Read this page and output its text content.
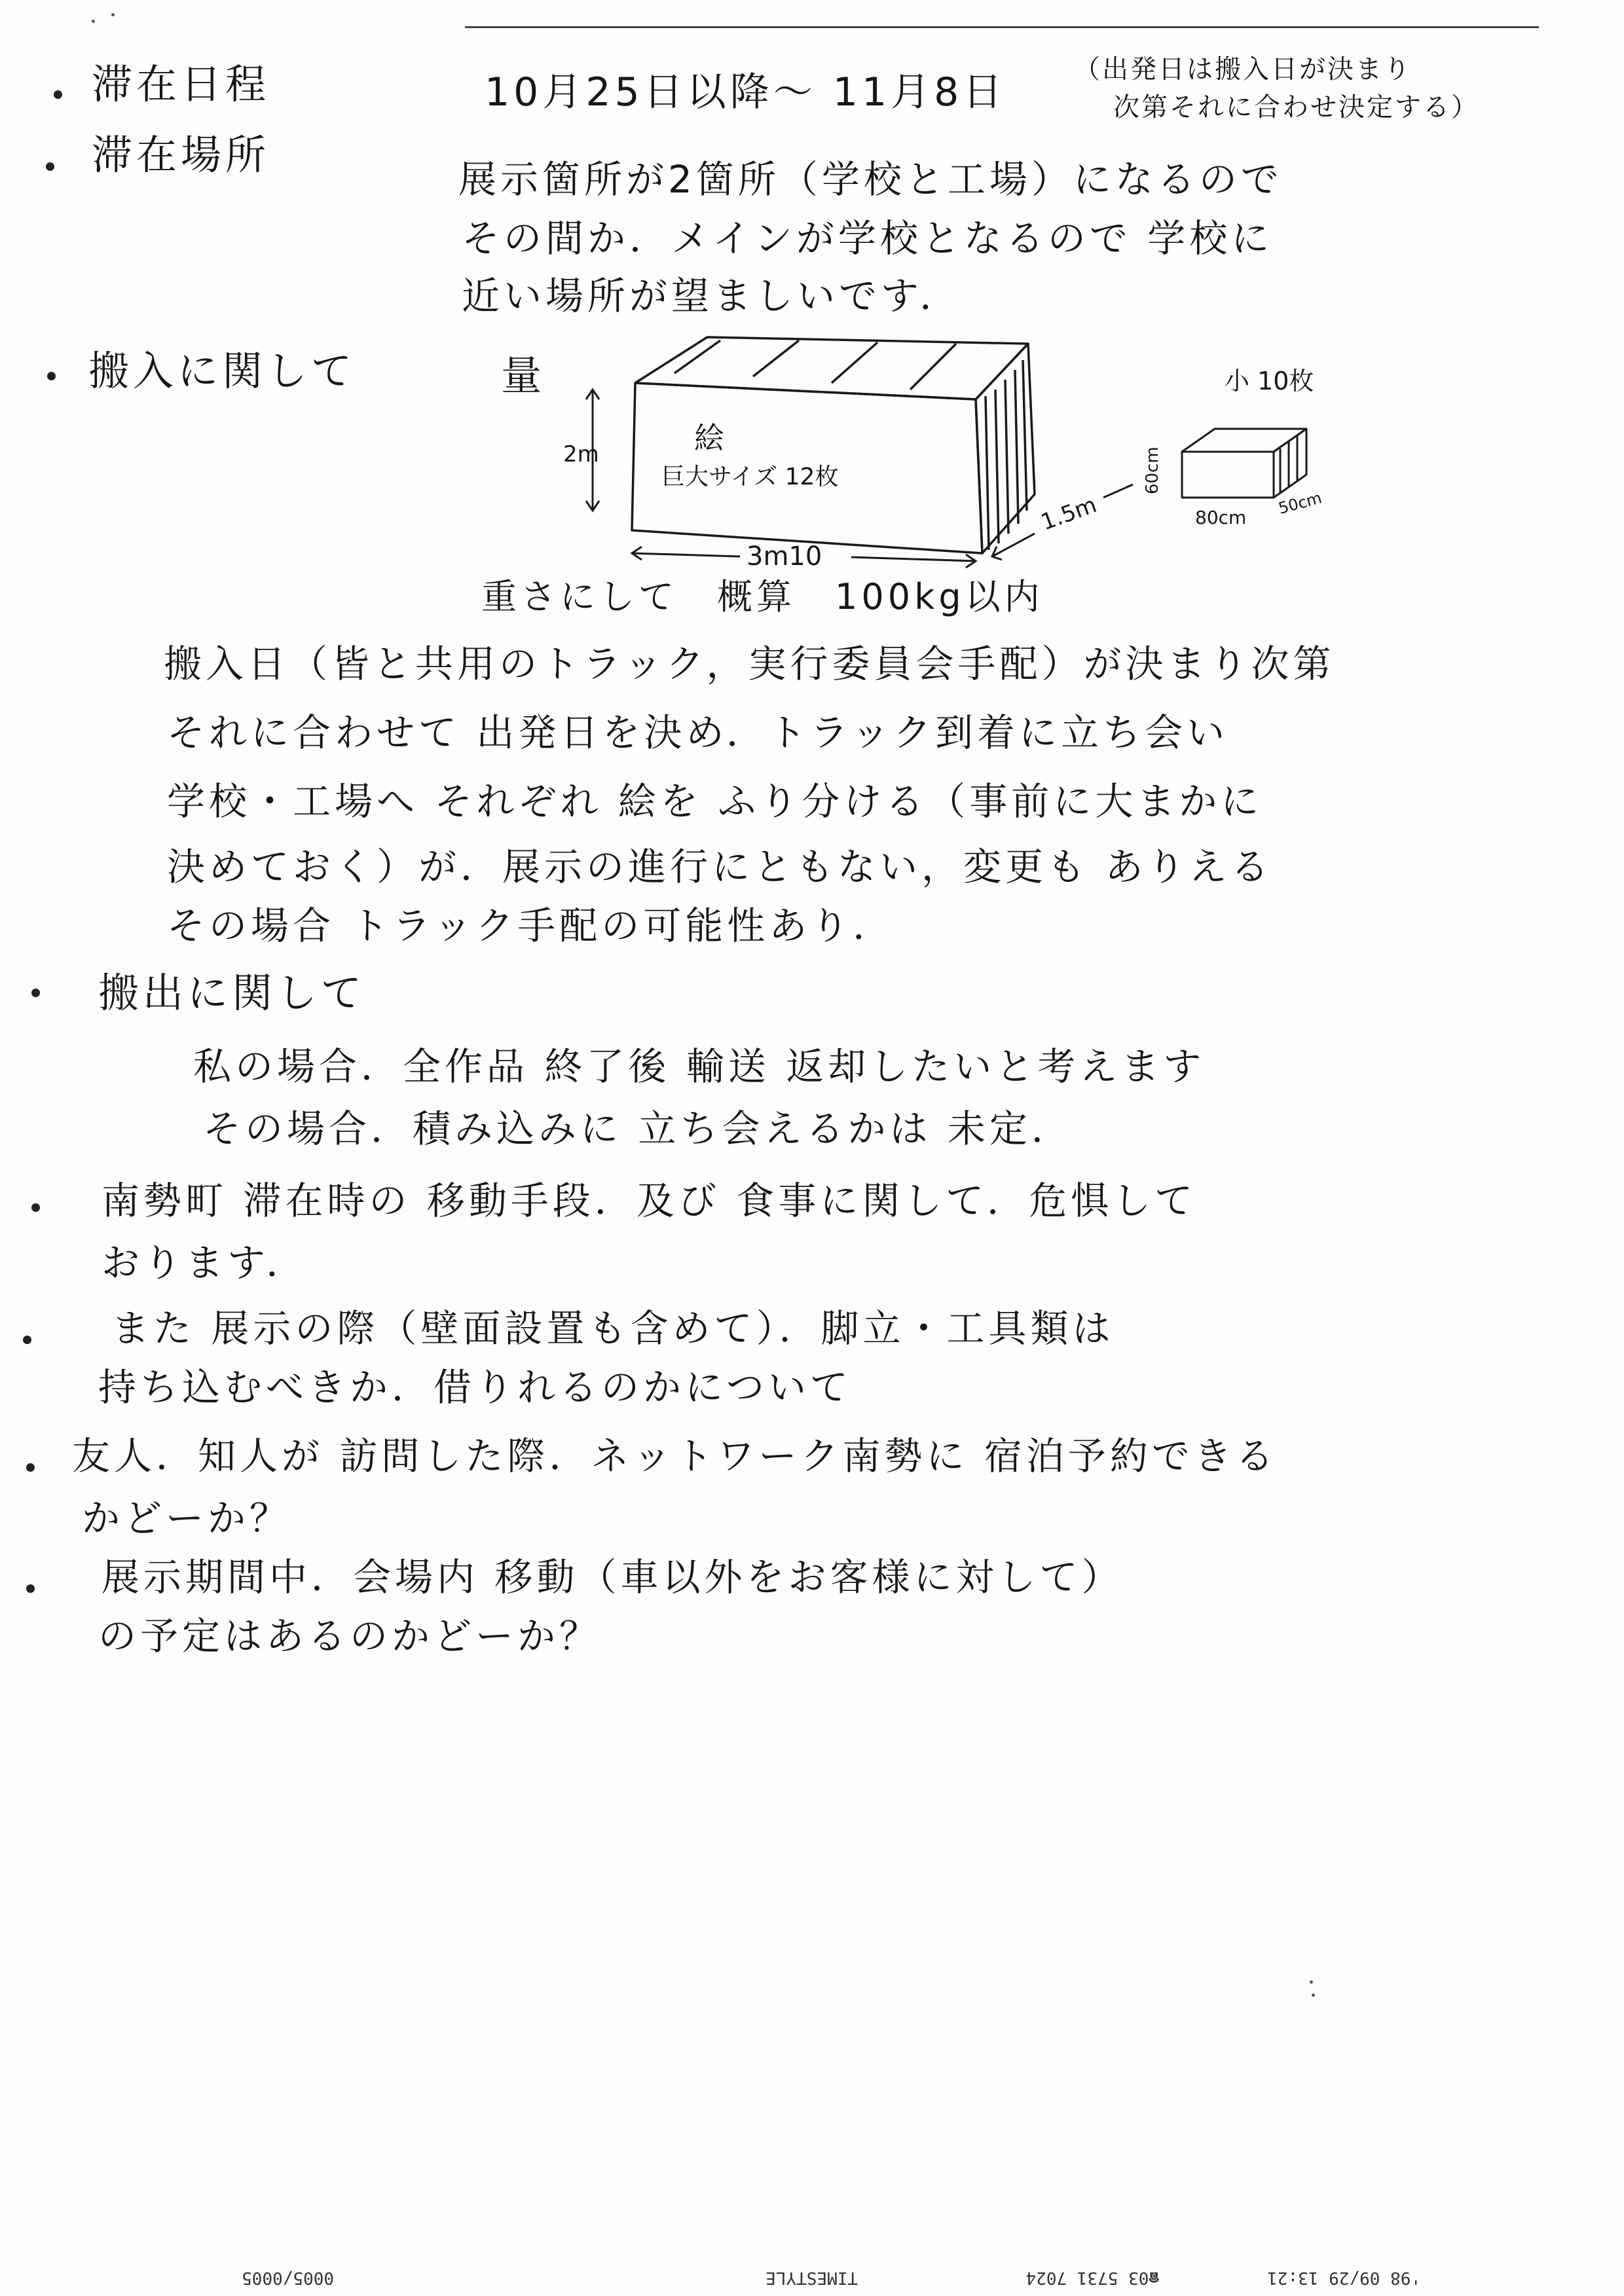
滞在日程	10月25日以降～ 11月8日	（出発日は搬入日が決まり
次第それに合わせ決定する）
滞在場所
展示箇所が2箇所（学校と工場）になるので
その間か．メインが学校となるので 学校に
近い場所が望ましいです．
搬入に関して	量
絵
巨大サイズ 12枚
2m
3m10
1.5m
小 10枚
60cm
80cm 50cm
重さにして　概算　100kg以内
搬入日（皆と共用のトラック，実行委員会手配）が決まり次第
それに合わせて 出発日を決め．トラック到着に立ち会い
学校・工場へ それぞれ 絵を ふり分ける（事前に大まかに
決めておく）が．展示の進行にともない，変更も ありえる
その場合 トラック手配の可能性あり．
搬出に関して
私の場合．全作品 終了後 輸送 返却したいと考えます
その場合．積み込みに 立ち会えるかは 未定．
南勢町 滞在時の 移動手段．及び 食事に関して．危惧して
おります．
また 展示の際（壁面設置も含めて）．脚立・工具類は
持ち込むべきか．借りれるのかについて
友人．知人が 訪問した際．ネットワーク南勢に 宿泊予約できる
かどーか？
展示期間中．会場内 移動（車以外をお客様に対して）
の予定はあるのかどーか？
'98 09/29 13:21
☎03 5731 7024
TIMESTYLE
0005/0005
